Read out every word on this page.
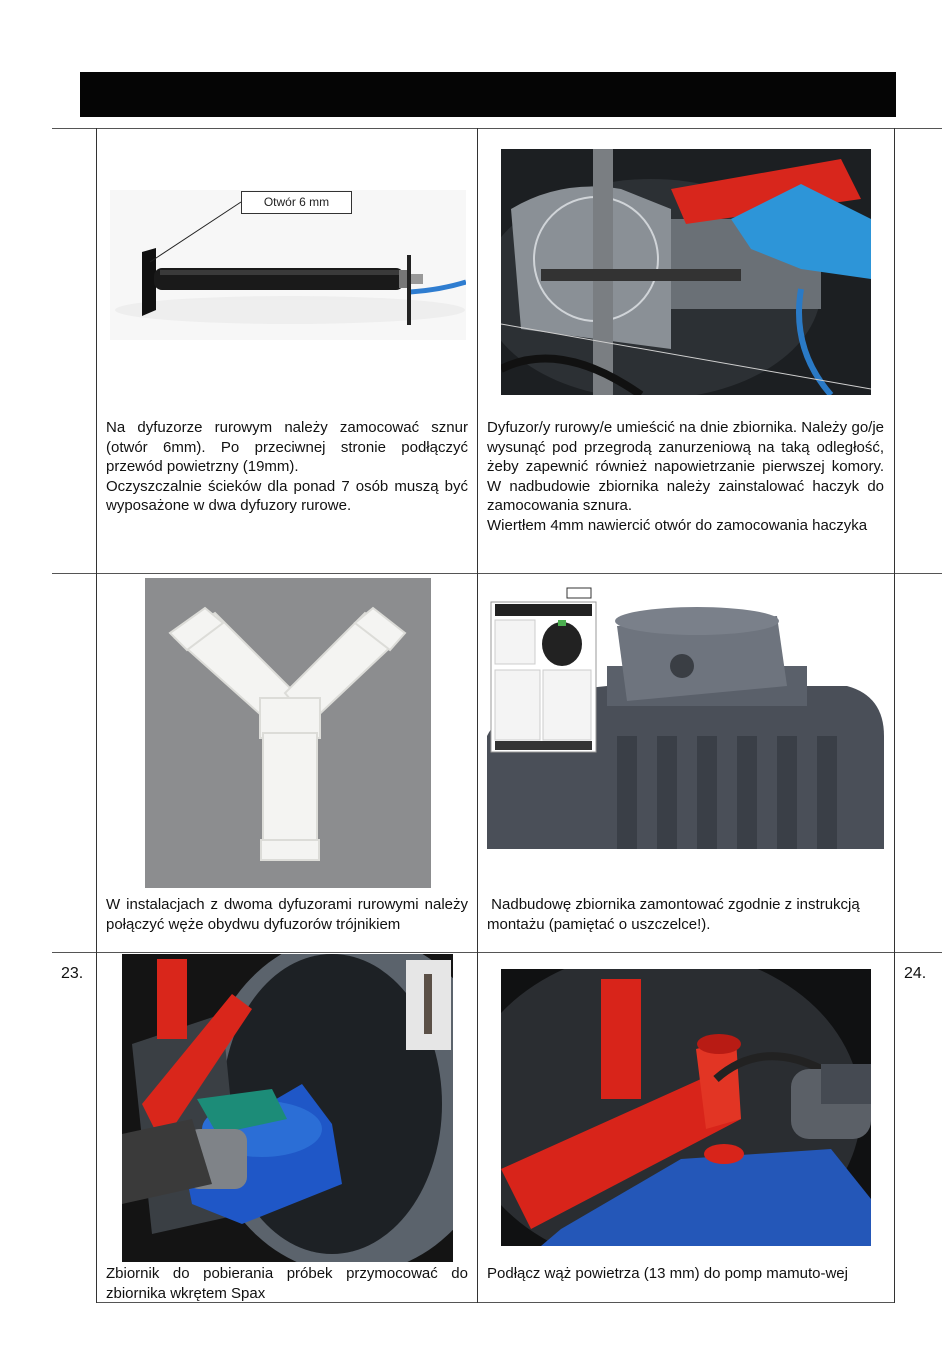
23.	24.
Otwór 6 mm

Na dyfuzorze rurowym należy zamocować sznur (otwór 6mm). Po przeciwnej stronie podłączyć przewód powietrzny (19mm).

Oczyszczalnie ścieków dla ponad 7 osób muszą być wyposażone w dwa dyfuzory rurowe.

Dyfuzor/y rurowy/e umieścić na dnie zbiornika. Należy go/je wysunąć pod przegrodą zanurzeniową na taką odległość, żeby zapewnić również napowietrzanie pierwszej komory. W nadbudowie zbiornika należy zainstalować haczyk do zamocowania sznura.

Wiertłem 4mm nawiercić otwór do zamocowania haczyka

W instalacjach z dwoma dyfuzorami rurowymi należy połączyć węże obydwu dyfuzorów trójnikiem

Nadbudowę zbiornika zamontować zgodnie z instrukcją montażu (pamiętać o uszczelce!).

Zbiornik do pobierania próbek przymocować do zbiornika wkrętem Spax

Podłącz wąż powietrza (13 mm) do pomp mamuto-wej
